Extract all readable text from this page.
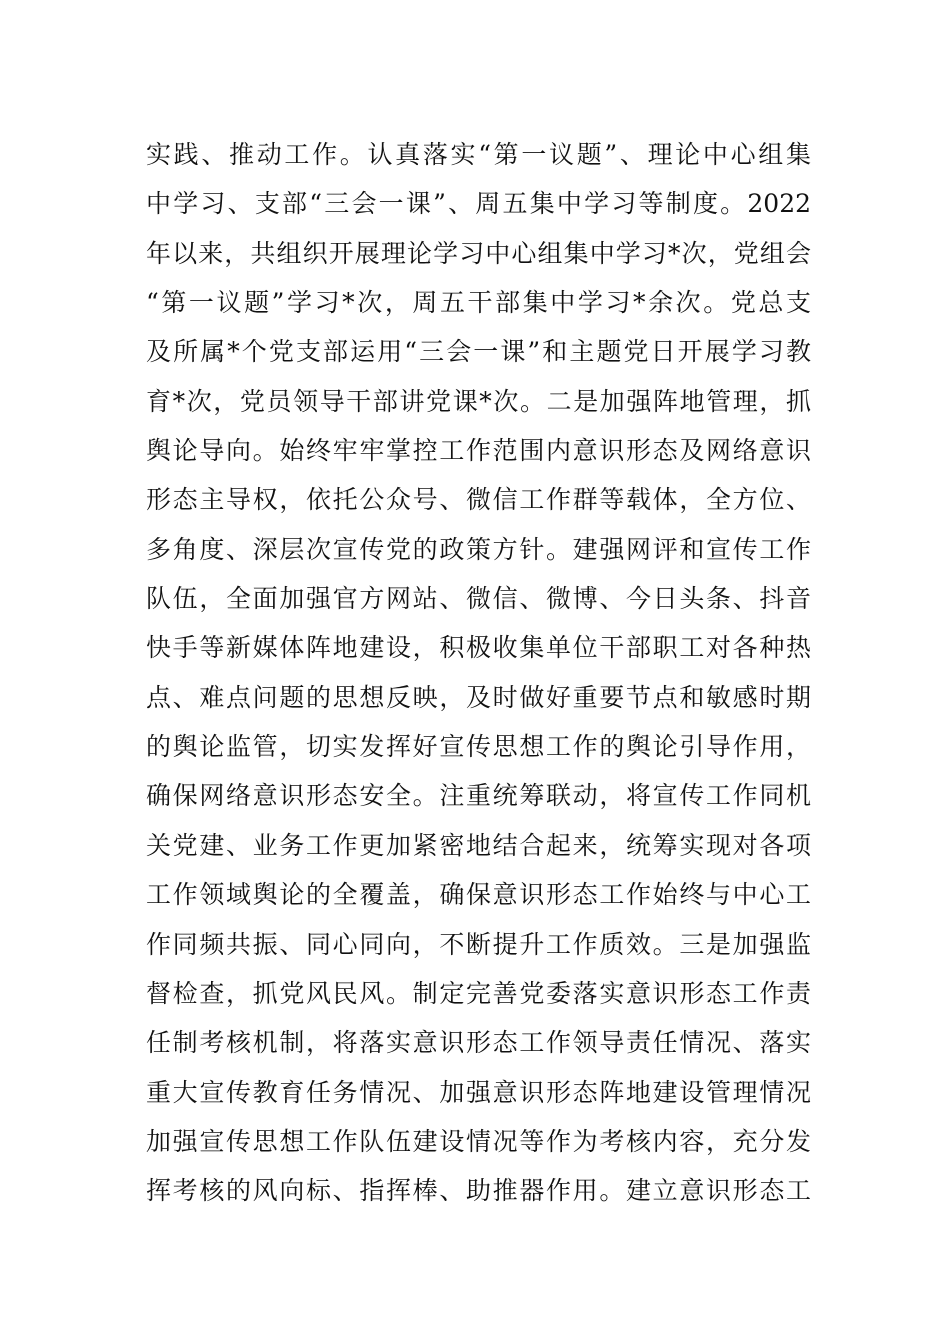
实践、推动工作。认真落实“第一议题”、理论中心组集
中学习、支部“三会一课”、周五集中学习等制度。2022
年以来，共组织开展理论学习中心组集中学习*次，党组会
“第一议题”学习*次，周五干部集中学习*余次。党总支
及所属*个党支部运用“三会一课”和主题党日开展学习教
育*次，党员领导干部讲党课*次。二是加强阵地管理，抓
舆论导向。始终牢牢掌控工作范围内意识形态及网络意识
形态主导权，依托公众号、微信工作群等载体，全方位、
多角度、深层次宣传党的政策方针。建强网评和宣传工作
队伍，全面加强官方网站、微信、微博、今日头条、抖音
快手等新媒体阵地建设，积极收集单位干部职工对各种热
点、难点问题的思想反映，及时做好重要节点和敏感时期
的舆论监管，切实发挥好宣传思想工作的舆论引导作用，
确保网络意识形态安全。注重统筹联动，将宣传工作同机
关党建、业务工作更加紧密地结合起来，统筹实现对各项
工作领域舆论的全覆盖，确保意识形态工作始终与中心工
作同频共振、同心同向，不断提升工作质效。三是加强监
督检查，抓党风民风。制定完善党委落实意识形态工作责
任制考核机制，将落实意识形态工作领导责任情况、落实
重大宣传教育任务情况、加强意识形态阵地建设管理情况
加强宣传思想工作队伍建设情况等作为考核内容，充分发
挥考核的风向标、指挥棒、助推器作用。建立意识形态工
